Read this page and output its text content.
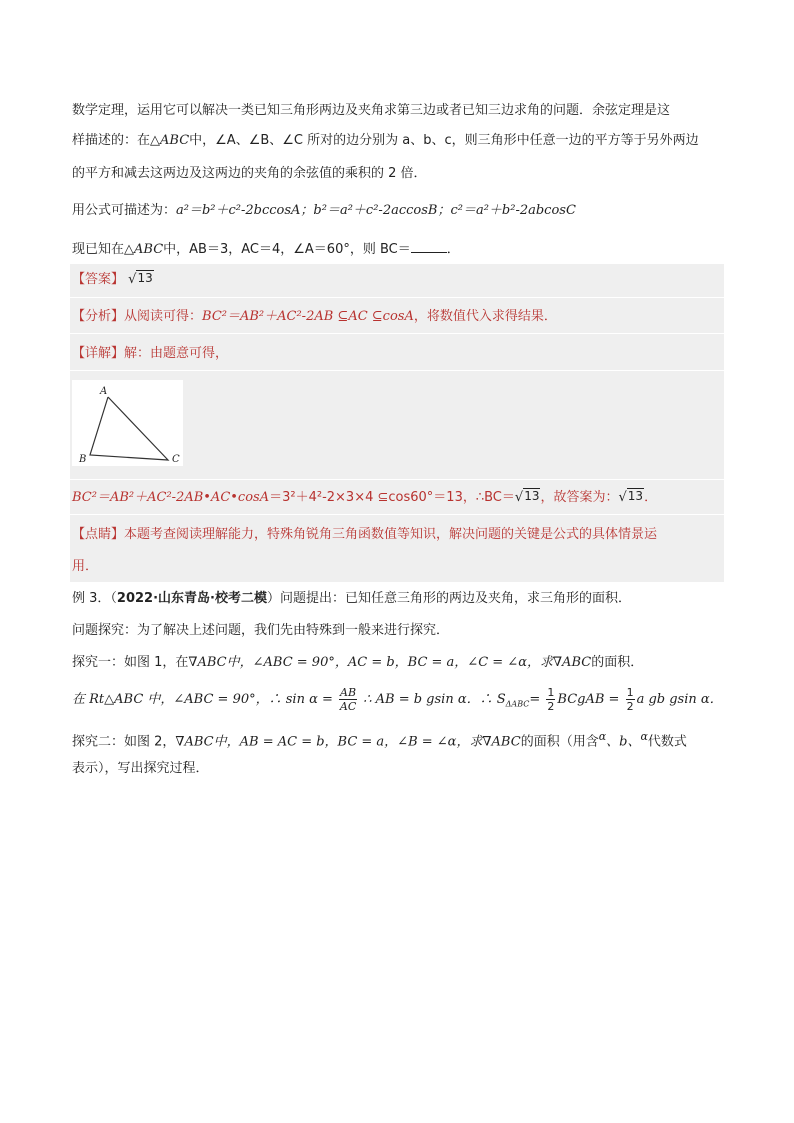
数学定理，运用它可以解决一类已知三角形两边及夹角求第三边或者已知三边求角的问题．余弦定理是这
样描述的：在△ABC中，∠A、∠B、∠C 所对的边分别为 a、b、c，则三角形中任意一边的平方等于另外两边
的平方和减去这两边及这两边的夹角的余弦值的乘积的 2 倍．
用公式可描述为：a²＝b²＋c²-2bccosA；b²＝a²＋c²-2accosB；c²＝a²＋b²-2abcosC
现已知在△ABC中，AB＝3，AC＝4，∠A＝60°，则 BC＝	．
【答案】 √ 13
【分析】从阅读可得：BC²＝AB²＋AC²-2AB ⊆AC ⊆cosA，将数值代入求得结果．
【详解】解：由题意可得，
A
B	C
BC²＝AB²＋AC²-2AB•AC•cosA＝3²＋4²-2×3×4 ⊆cos60°＝13，∴BC＝ √ 13 ，故答案为： √ 13 ．
【点睛】本题考查阅读理解能力，特殊角锐角三角函数值等知识，解决问题的关键是公式的具体情景运
用．
例 3．（2022·山东青岛·校考二模）问题提出：已知任意三角形的两边及夹角，求三角形的面积．
问题探究：为了解决上述问题，我们先由特殊到一般来进行探究．
探究一：如图 1，在∇ABC中，∠ABC = 90°，AC = b，BC = a，∠C = ∠α，求∇ABC的面积．
在 Rt△ABC 中，∠ABC = 90°，∴ $\sin \alpha = \frac{AB}{AC}$ ∴ AB = b gsin α．∴ $S_{\Delta ABC}= \frac{1}{2}$ BCgAB = $\frac{1}{2}$ a gb gsin α．
探究二：如图 2，∇ABC中，AB = AC = b，BC = a，∠B = ∠α，求∇ABC的面积（用含$^\alpha$、b、$^\alpha$代数式
表示），写出探究过程．
